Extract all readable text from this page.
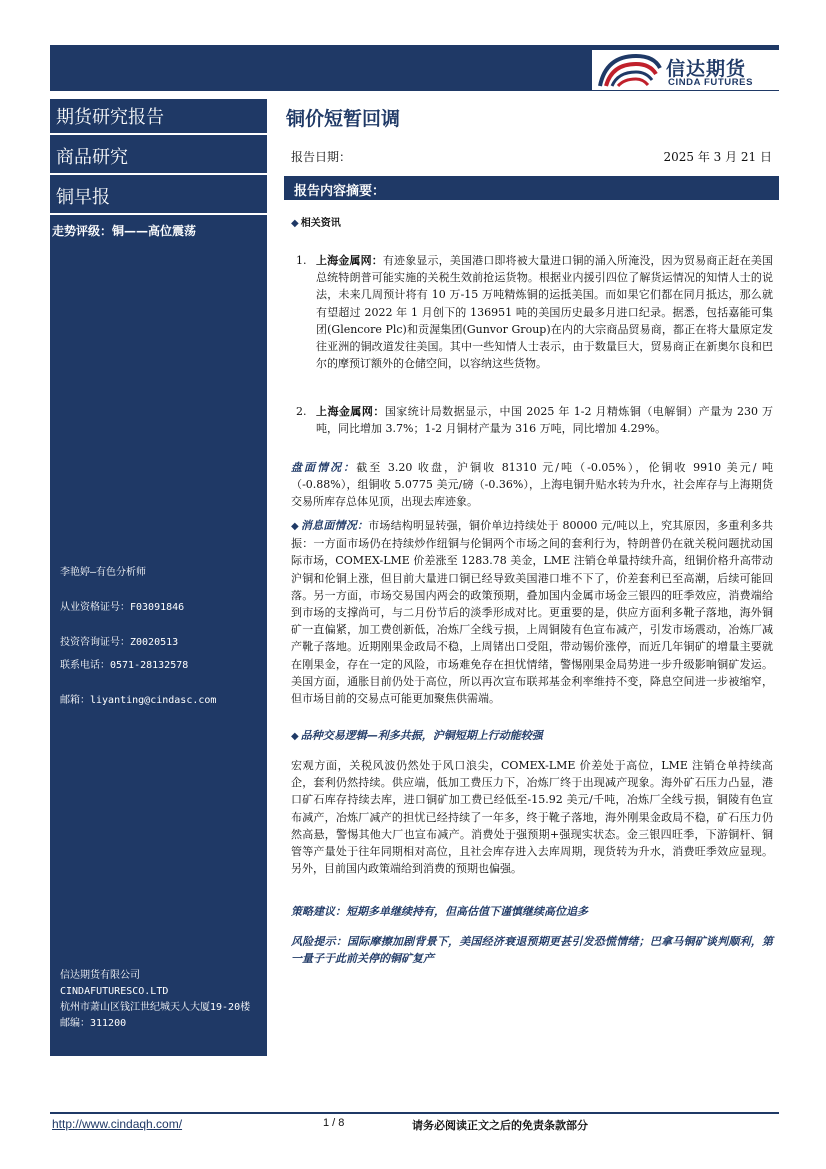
信达期货
CINDA FUTURES
期货研究报告
商品研究
铜早报
走势评级：铜——高位震荡
李艳婷—有色分析师
从业资格证号：F03091846
投资咨询证号：Z0020513
联系电话：0571-28132578
邮箱：liyanting@cindasc.com
信达期货有限公司
CINDAFUTURESCO.LTD
杭州市萧山区钱江世纪城天人大厦19-20楼
邮编：311200
铜价短暂回调
报告日期：	2025 年 3 月 21 日
报告内容摘要：
◆ 相关资讯
1. 上海金属网：有迹象显示，美国港口即将被大量进口铜的涌入所淹没，因为贸易商正赶在美国总统特朗普可能实施的关税生效前抢运货物。根据业内援引四位了解货运情况的知情人士的说法，未来几周预计将有 10 万-15 万吨精炼铜的运抵美国。而如果它们都在同月抵达，那么就有望超过 2022 年 1 月创下的 136951 吨的美国历史最多月进口纪录。据悉，包括嘉能可集团(Glencore Plc)和贡渥集团(Gunvor Group)在内的大宗商品贸易商，都正在将大量原定发往亚洲的铜改道发往美国。其中一些知情人士表示，由于数量巨大，贸易商正在新奥尔良和巴尔的摩预订额外的仓储空间，以容纳这些货物。
2. 上海金属网：国家统计局数据显示，中国 2025 年 1-2 月精炼铜（电解铜）产量为 230 万吨，同比增加 3.7%；1-2 月铜材产量为 316 万吨，同比增加 4.29%。
盘面情况：截至 3.20 收盘，沪铜收 81310 元/吨（-0.05%），伦铜收 9910 美元/ 吨（-0.88%），组铜收 5.0775 美元/磅（-0.36%），上海电铜升贴水转为升水，社会库存与上海期货交易所库存总体见顶，出现去库迹象。
◆ 消息面情况：市场结构明显转强，铜价单边持续处于 80000 元/吨以上，究其原因，多重利多共振：一方面市场仍在持续炒作纽铜与伦铜两个市场之间的套利行为，特朗普仍在就关税问题扰动国际市场，COMEX-LME 价差涨至 1283.78 美金，LME 注销仓单量持续升高，纽铜价格升高带动沪铜和伦铜上涨，但目前大量进口铜已经导致美国港口堆不下了，价差套利已至高潮，后续可能回落。另一方面，市场交易国内两会的政策预期，叠加国内金属市场金三银四的旺季效应，消费端给到市场的支撑尚可，与二月份节后的淡季形成对比。更重要的是，供应方面利多靴子落地，海外铜矿一直偏紧，加工费创新低，冶炼厂全线亏损，上周铜陵有色宣布减产，引发市场震动，冶炼厂减产靴子落地。近期刚果金政局不稳，上周锗出口受阻，带动锡价涨停，而近几年铜矿的增量主要就在刚果金，存在一定的风险，市场难免存在担忧情绪，警惕刚果金局势进一步升级影响铜矿发运。美国方面，通胀目前仍处于高位，所以再次宣布联邦基金利率维持不变，降息空间进一步被缩窄，但市场目前的交易点可能更加聚焦供需端。
◆ 品种交易逻辑—利多共振，沪铜短期上行动能较强
宏观方面，关税风波仍然处于风口浪尖，COMEX-LME 价差处于高位，LME 注销仓单持续高企，套利仍然持续。供应端，低加工费压力下，冶炼厂终于出现减产现象。海外矿石压力凸显，港口矿石库存持续去库，进口铜矿加工费已经低至-15.92 美元/千吨，冶炼厂全线亏损，铜陵有色宣布减产，冶炼厂减产的担忧已经持续了一年多，终于靴子落地，海外刚果金政局不稳，矿石压力仍然高悬，警惕其他大厂也宣布减产。消费处于强预期+强现实状态。金三银四旺季，下游铜杆、铜管等产量处于往年同期相对高位，且社会库存进入去库周期，现货转为升水，消费旺季效应显现。另外，目前国内政策端给到消费的预期也偏强。
策略建议：短期多单继续持有，但高估值下谨慎继续高位追多
风险提示：国际摩擦加剧背景下，美国经济衰退预期更甚引发恐慌情绪；巴拿马铜矿谈判顺利，第一量子于此前关停的铜矿复产
http://www.cindaqh.com/	1 / 8	请务必阅读正文之后的免责条款部分
